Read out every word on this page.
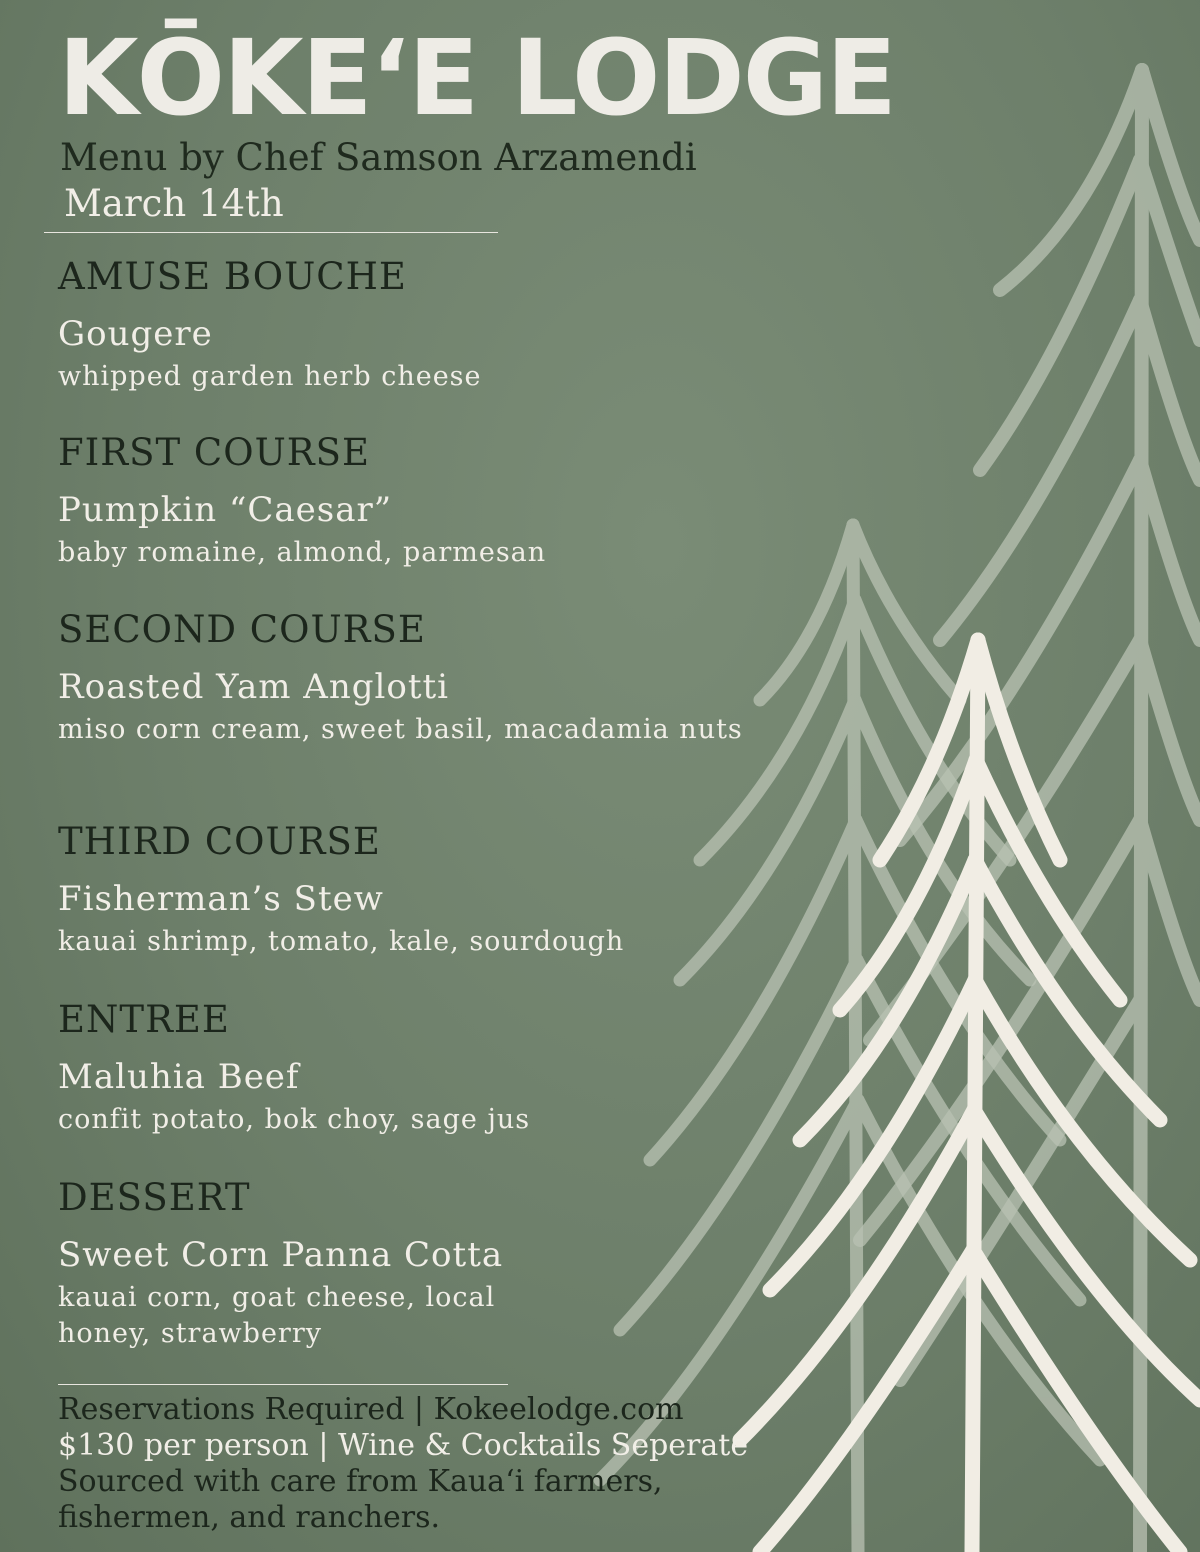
KŌKE‘E LODGE
Menu by Chef Samson Arzamendi
March 14th
AMUSE BOUCHE
Gougere
whipped garden herb cheese
FIRST COURSE
Pumpkin “Caesar”
baby romaine, almond, parmesan
SECOND COURSE
Roasted Yam Anglotti
miso corn cream, sweet basil, macadamia nuts
THIRD COURSE
Fisherman’s Stew
kauai shrimp, tomato, kale, sourdough
ENTREE
Maluhia Beef
confit potato, bok choy, sage jus
DESSERT
Sweet Corn Panna Cotta
kauai corn, goat cheese, local honey, strawberry
Reservations Required | Kokeelodge.com
$130 per person | Wine & Cocktails Seperate
Sourced with care from Kaua‘i farmers, fishermen, and ranchers.
